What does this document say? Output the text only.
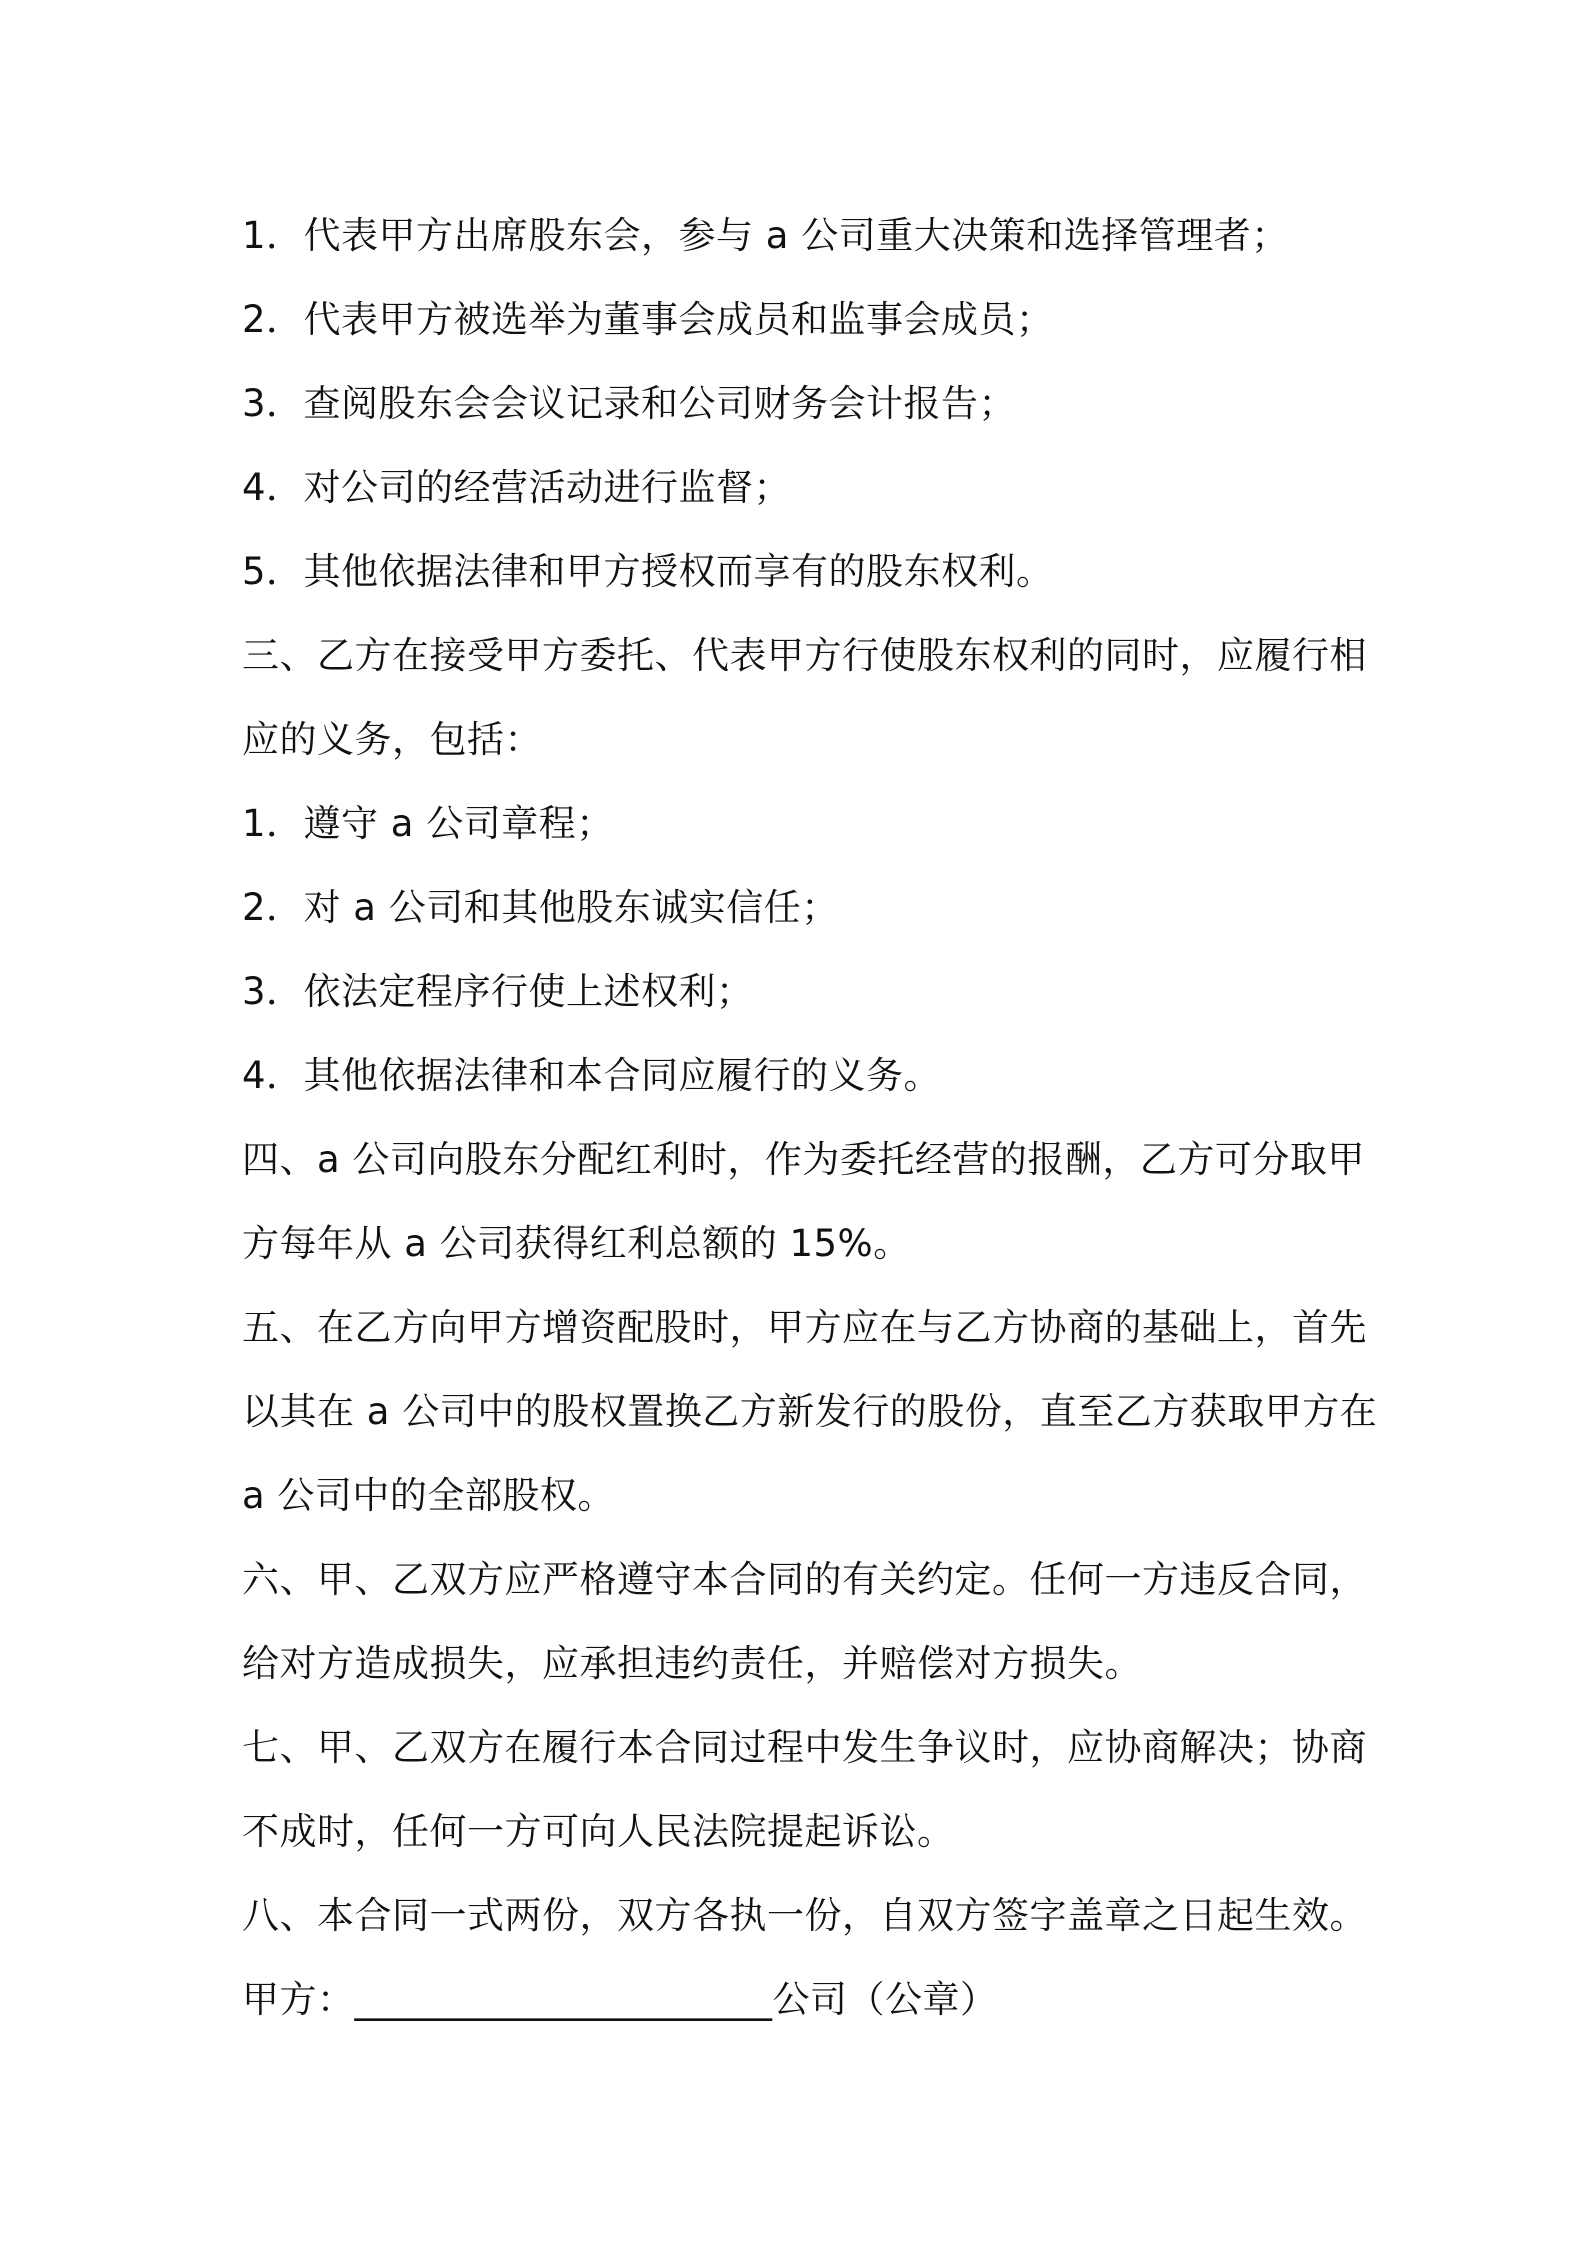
1．代表甲方出席股东会，参与 a 公司重大决策和选择管理者；
2．代表甲方被选举为董事会成员和监事会成员；
3．查阅股东会会议记录和公司财务会计报告；
4．对公司的经营活动进行监督；
5．其他依据法律和甲方授权而享有的股东权利。
三、乙方在接受甲方委托、代表甲方行使股东权利的同时，应履行相
应的义务，包括：
1．遵守 a 公司章程；
2．对 a 公司和其他股东诚实信任；
3．依法定程序行使上述权利；
4．其他依据法律和本合同应履行的义务。
四、a 公司向股东分配红利时，作为委托经营的报酬，乙方可分取甲
方每年从 a 公司获得红利总额的 15%。
五、在乙方向甲方增资配股时，甲方应在与乙方协商的基础上，首先
以其在 a 公司中的股权置换乙方新发行的股份，直至乙方获取甲方在
a 公司中的全部股权。
六、甲、乙双方应严格遵守本合同的有关约定。任何一方违反合同，
给对方造成损失，应承担违约责任，并赔偿对方损失。
七、甲、乙双方在履行本合同过程中发生争议时，应协商解决；协商
不成时，任何一方可向人民法院提起诉讼。
八、本合同一式两份，双方各执一份，自双方签字盖章之日起生效。
甲方：______________________公司（公章）
